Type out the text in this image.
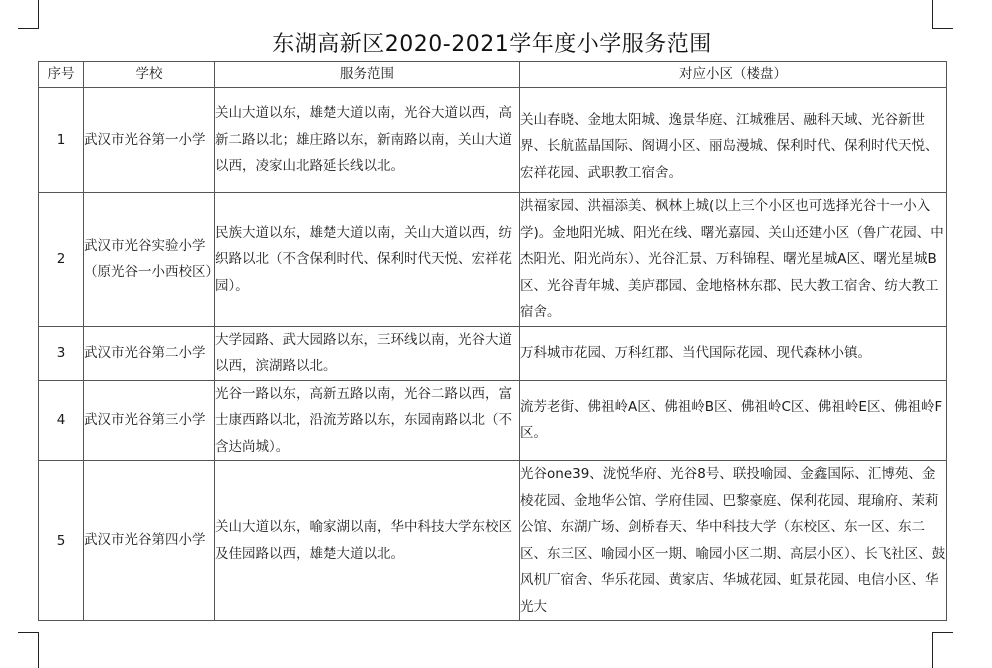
东湖高新区2020-2021学年度小学服务范围
序号	学校	服务范围	对应小区（楼盘）
1	武汉市光谷第一小学	关山大道以东，雄楚大道以南，光谷大道以西，高新二路以北；雄庄路以东，新南路以南，关山大道以西，凌家山北路延长线以北。	关山春晓、金地太阳城、逸景华庭、江城雅居、融科天域、光谷新世界、长航蓝晶国际、阁调小区、丽岛漫城、保利时代、保利时代天悦、宏祥花园、武职教工宿舍。

2	武汉市光谷实验小学（原光谷一小西校区）	民族大道以东，雄楚大道以南，关山大道以西，纺织路以北（不含保利时代、保利时代天悦、宏祥花园）。	洪福家园、洪福添美、枫林上城(以上三个小区也可选择光谷十一小入学)。金地阳光城、阳光在线、曙光嘉园、关山还建小区（鲁广花园、中杰阳光、阳光尚东）、光谷汇景、万科锦程、曙光星城A区、曙光星城B区、光谷青年城、美庐郡园、金地格林东郡、民大教工宿舍、纺大教工宿舍。

3	武汉市光谷第二小学	大学园路、武大园路以东，三环线以南，光谷大道以西，滨湖路以北。	万科城市花园、万科红郡、当代国际花园、现代森林小镇。

4	武汉市光谷第三小学	光谷一路以东，高新五路以南，光谷二路以西，富士康西路以北，沿流芳路以东，东园南路以北（不含达尚城）。	流芳老街、佛祖岭A区、佛祖岭B区、佛祖岭C区、佛祖岭E区、佛祖岭F区。

5	武汉市光谷第四小学	关山大道以东，喻家湖以南，华中科技大学东校区及佳园路以西，雄楚大道以北。	光谷one39、泷悦华府、光谷8号、联投喻园、金鑫国际、汇博苑、金棱花园、金地华公馆、学府佳园、巴黎豪庭、保利花园、琨瑜府、茉莉公馆、东湖广场、剑桥春天、华中科技大学（东校区、东一区、东二区、东三区、喻园小区一期、喻园小区二期、高层小区）、长飞社区、鼓风机厂宿舍、华乐花园、黄家店、华城花园、虹景花园、电信小区、华光大
